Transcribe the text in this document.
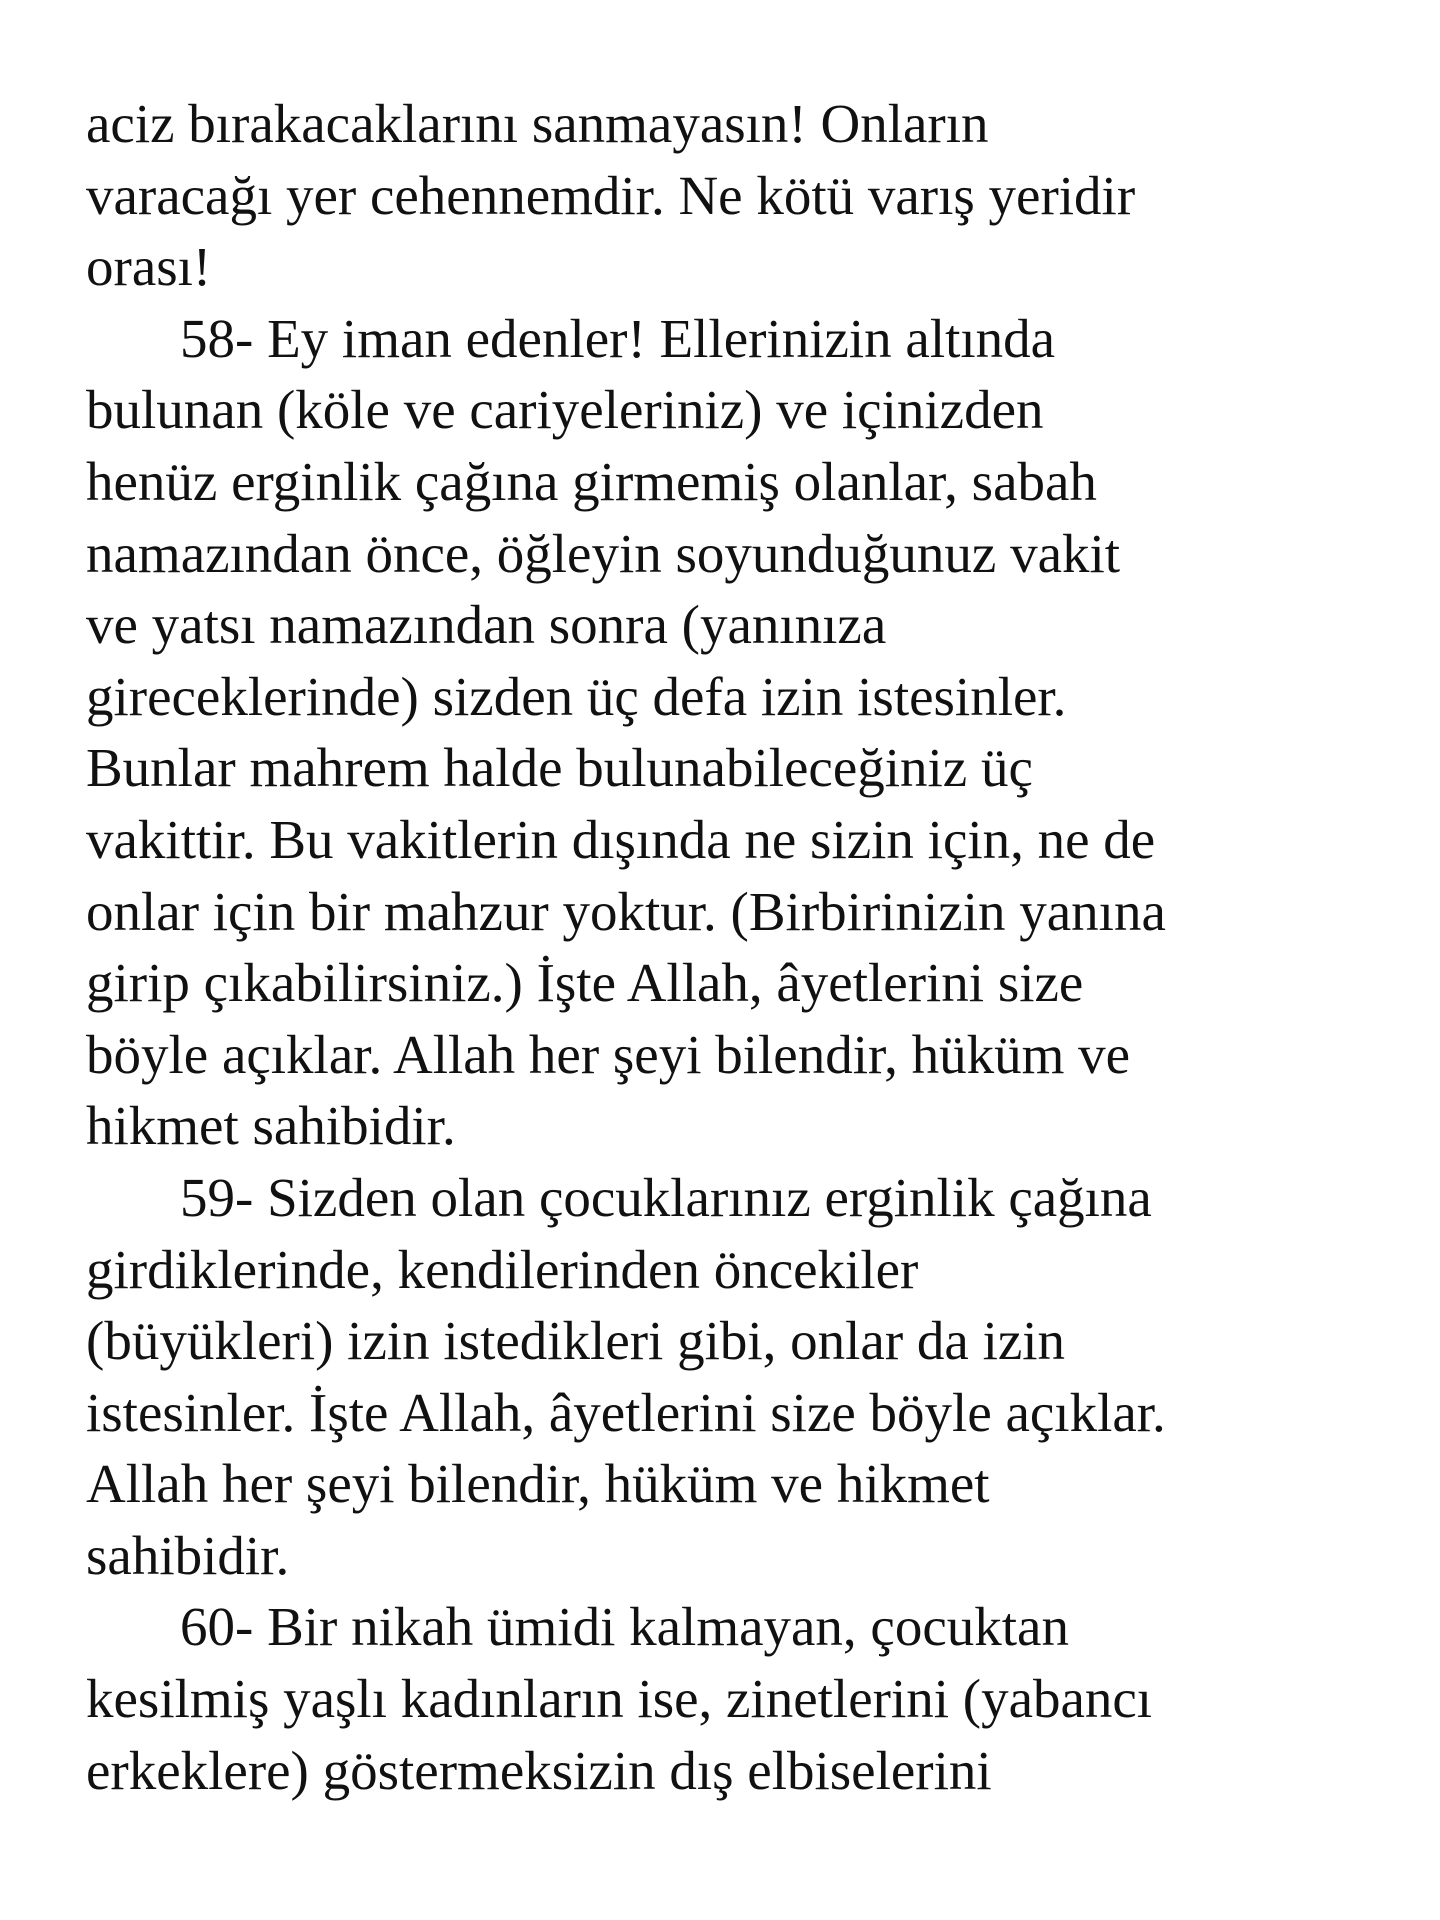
aciz bırakacaklarını sanmayasın! Onların
varacağı yer cehennemdir. Ne kötü varış yeridir
orası!
58- Ey iman edenler! Ellerinizin altında
bulunan (köle ve cariyeleriniz) ve içinizden
henüz erginlik çağına girmemiş olanlar, sabah
namazından önce, öğleyin soyunduğunuz vakit
ve yatsı namazından sonra (yanınıza
gireceklerinde) sizden üç defa izin istesinler.
Bunlar mahrem halde bulunabileceğiniz üç
vakittir. Bu vakitlerin dışında ne sizin için, ne de
onlar için bir mahzur yoktur. (Birbirinizin yanına
girip çıkabilirsiniz.) İşte Allah, âyetlerini size
böyle açıklar. Allah her şeyi bilendir, hüküm ve
hikmet sahibidir.
59- Sizden olan çocuklarınız erginlik çağına
girdiklerinde, kendilerinden öncekiler
(büyükleri) izin istedikleri gibi, onlar da izin
istesinler. İşte Allah, âyetlerini size böyle açıklar.
Allah her şeyi bilendir, hüküm ve hikmet
sahibidir.
60- Bir nikah ümidi kalmayan, çocuktan
kesilmiş yaşlı kadınların ise, zinetlerini (yabancı
erkeklere) göstermeksizin dış elbiselerini
